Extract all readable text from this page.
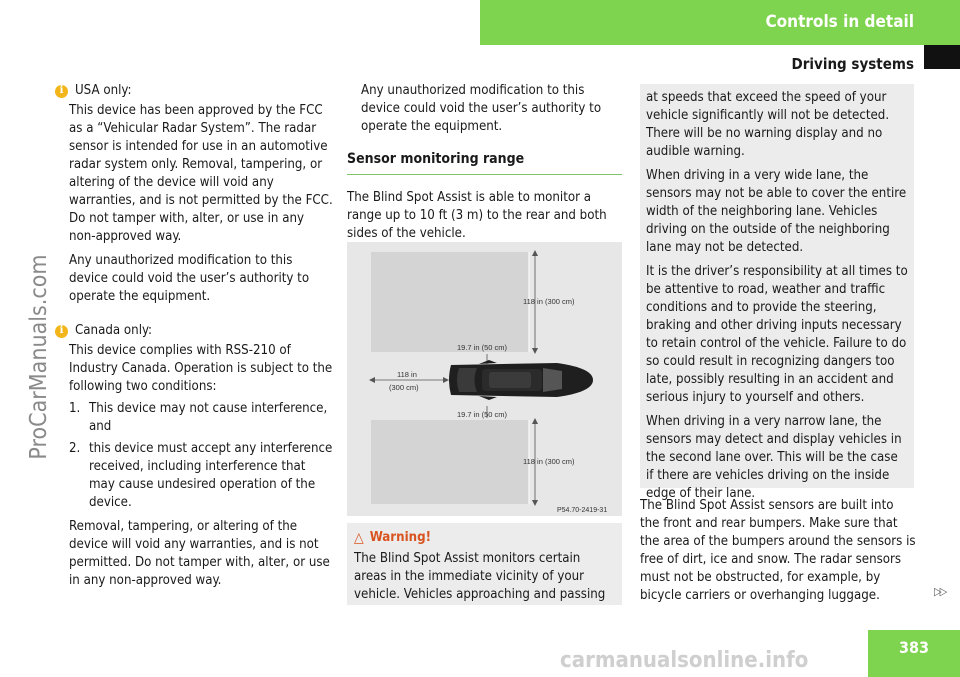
Controls in detail
Driving systems
ProCarManuals.com
i USA only:

This device has been approved by the FCC as a “Vehicular Radar System”. The radar sensor is intended for use in an automotive radar system only. Removal, tampering, or altering of the device will void any warranties, and is not permitted by the FCC. Do not tamper with, alter, or use in any non-approved way.

Any unauthorized modification to this device could void the user’s authority to operate the equipment.

i Canada only:

This device complies with RSS-210 of Industry Canada. Operation is subject to the following two conditions:

1. This device may not cause interference, and
2. this device must accept any interference received, including interference that may cause undesired operation of the device.

Removal, tampering, or altering of the device will void any warranties, and is not permitted. Do not tamper with, alter, or use in any non-approved way.

Any unauthorized modification to this device could void the user’s authority to operate the equipment.

Sensor monitoring range

The Blind Spot Assist is able to monitor a range up to 10 ft (3 m) to the rear and both sides of the vehicle.

118 in (300 cm)
118 in (300 cm)
19.7 in (50 cm)
19.7 in (50 cm)
118 in
(300 cm)
P54.70-2419-31
△ Warning!
The Blind Spot Assist monitors certain areas in the immediate vicinity of your vehicle. Vehicles approaching and passing

at speeds that exceed the speed of your vehicle significantly will not be detected. There will be no warning display and no audible warning.

When driving in a very wide lane, the sensors may not be able to cover the entire width of the neighboring lane. Vehicles driving on the outside of the neighboring lane may not be detected.

It is the driver’s responsibility at all times to be attentive to road, weather and traffic conditions and to provide the steering, braking and other driving inputs necessary to retain control of the vehicle. Failure to do so could result in recognizing dangers too late, possibly resulting in an accident and serious injury to yourself and others.

When driving in a very narrow lane, the sensors may detect and display vehicles in the second lane over. This will be the case if there are vehicles driving on the inside edge of their lane.

The Blind Spot Assist sensors are built into the front and rear bumpers. Make sure that the area of the bumpers around the sensors is free of dirt, ice and snow. The radar sensors must not be obstructed, for example, by bicycle carriers or overhanging luggage.	▷▷
carmanualsonline.info
383
